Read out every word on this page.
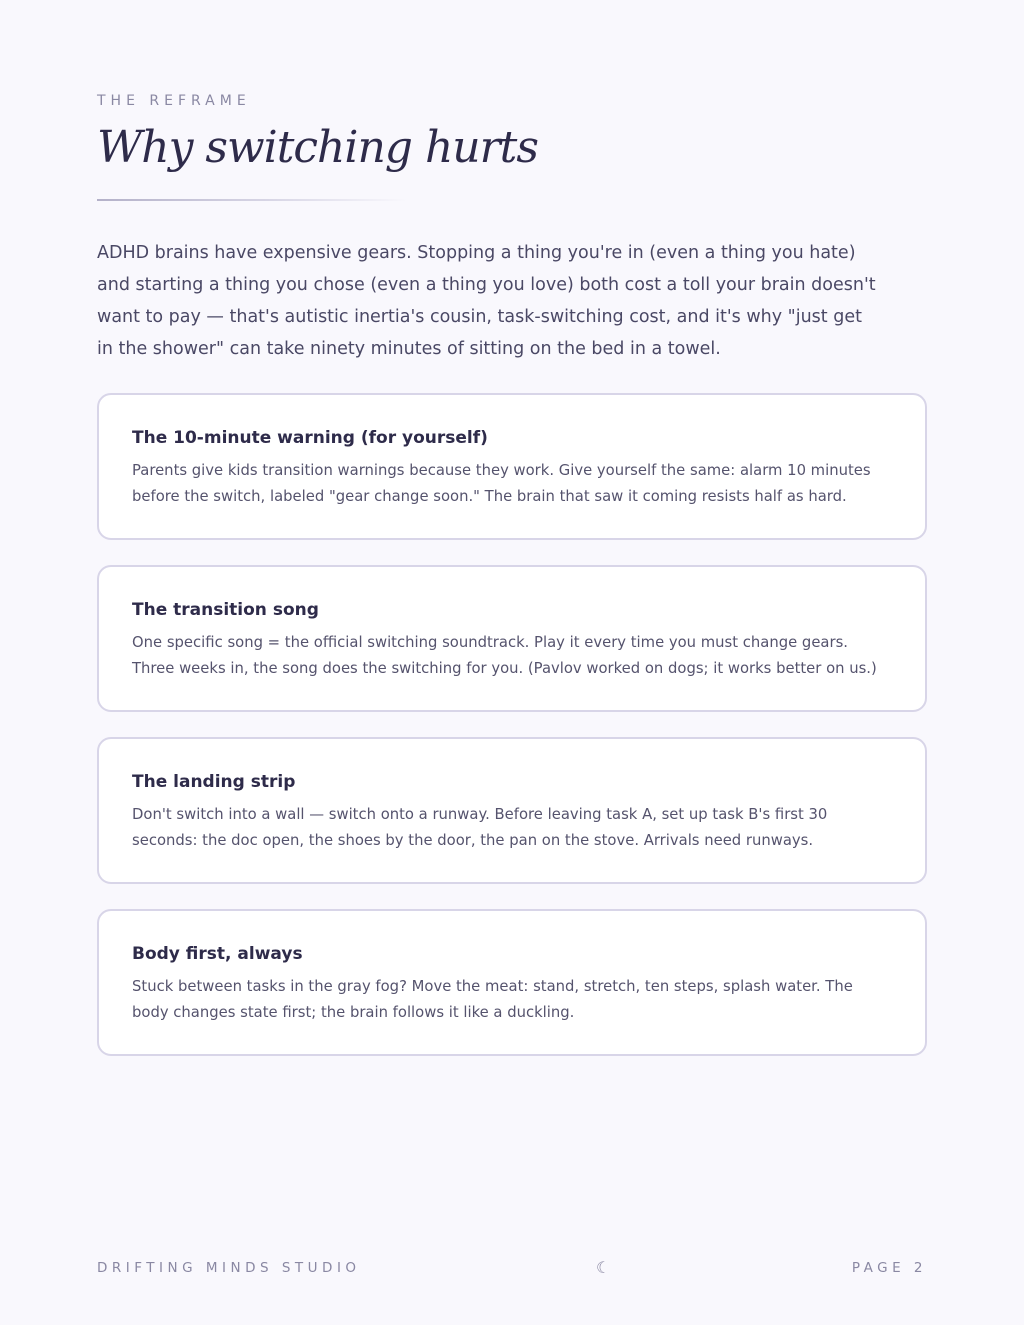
THE REFRAME
Why switching hurts

ADHD brains have expensive gears. Stopping a thing you're in (even a thing you hate) and starting a thing you chose (even a thing you love) both cost a toll your brain doesn't want to pay — that's autistic inertia's cousin, task-switching cost, and it's why "just get in the shower" can take ninety minutes of sitting on the bed in a towel.

The 10-minute warning (for yourself)

Parents give kids transition warnings because they work. Give yourself the same: alarm 10 minutes before the switch, labeled "gear change soon." The brain that saw it coming resists half as hard.

The transition song

One specific song = the official switching soundtrack. Play it every time you must change gears. Three weeks in, the song does the switching for you. (Pavlov worked on dogs; it works better on us.)

The landing strip

Don't switch into a wall — switch onto a runway. Before leaving task A, set up task B's first 30 seconds: the doc open, the shoes by the door, the pan on the stove. Arrivals need runways.

Body first, always

Stuck between tasks in the gray fog? Move the meat: stand, stretch, ten steps, splash water. The body changes state first; the brain follows it like a duckling.

DRIFTING MINDS STUDIO	☾	PAGE 2
